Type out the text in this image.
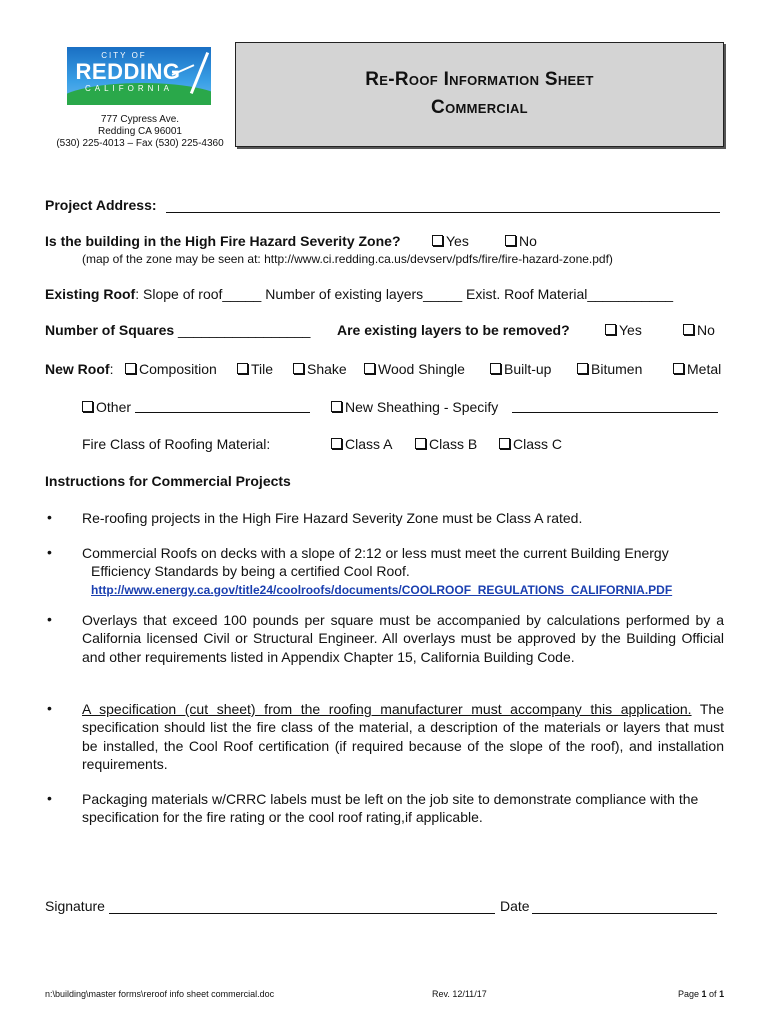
CITY OF
REDDING
CALIFORNIA
777 Cypress Ave.
Redding CA 96001
(530) 225-4013 – Fax (530) 225-4360
Re-Roof Information Sheet
Commercial
Project Address:
Is the building in the High Fire Hazard Severity Zone?	Yes	No
(map of the zone may be seen at: http://www.ci.redding.ca.us/devserv/pdfs/fire/fire-hazard-zone.pdf)
Existing Roof: Slope of roof_____ Number of existing layers_____ Exist. Roof Material___________
Number of Squares _________________ Are existing layers to be removed?	Yes	No
New Roof:	Composition	Tile	Shake	Wood Shingle	Built-up	Bitumen	Metal
Other	New Sheathing - Specify
Fire Class of Roofing Material:	Class A	Class B	Class C
Instructions for Commercial Projects
• Re-roofing projects in the High Fire Hazard Severity Zone must be Class A rated.
• Commercial Roofs on decks with a slope of 2:12 or less must meet the current Building Energy
Efficiency Standards by being a certified Cool Roof.
http://www.energy.ca.gov/title24/coolroofs/documents/COOLROOF_REGULATIONS_CALIFORNIA.PDF
• Overlays that exceed 100 pounds per square must be accompanied by calculations performed by a California licensed Civil or Structural Engineer. All overlays must be approved by the Building Official and other requirements listed in Appendix Chapter 15, California Building Code.
• A specification (cut sheet) from the roofing manufacturer must accompany this application. The specification should list the fire class of the material, a description of the materials or layers that must be installed, the Cool Roof certification (if required because of the slope of the roof), and installation requirements.
• Packaging materials w/CRRC labels must be left on the job site to demonstrate compliance with the specification for the fire rating or the cool roof rating,if applicable.
Signature	Date
n:\building\master forms\reroof info sheet commercial.doc	Rev. 12/11/17	Page 1 of 1
